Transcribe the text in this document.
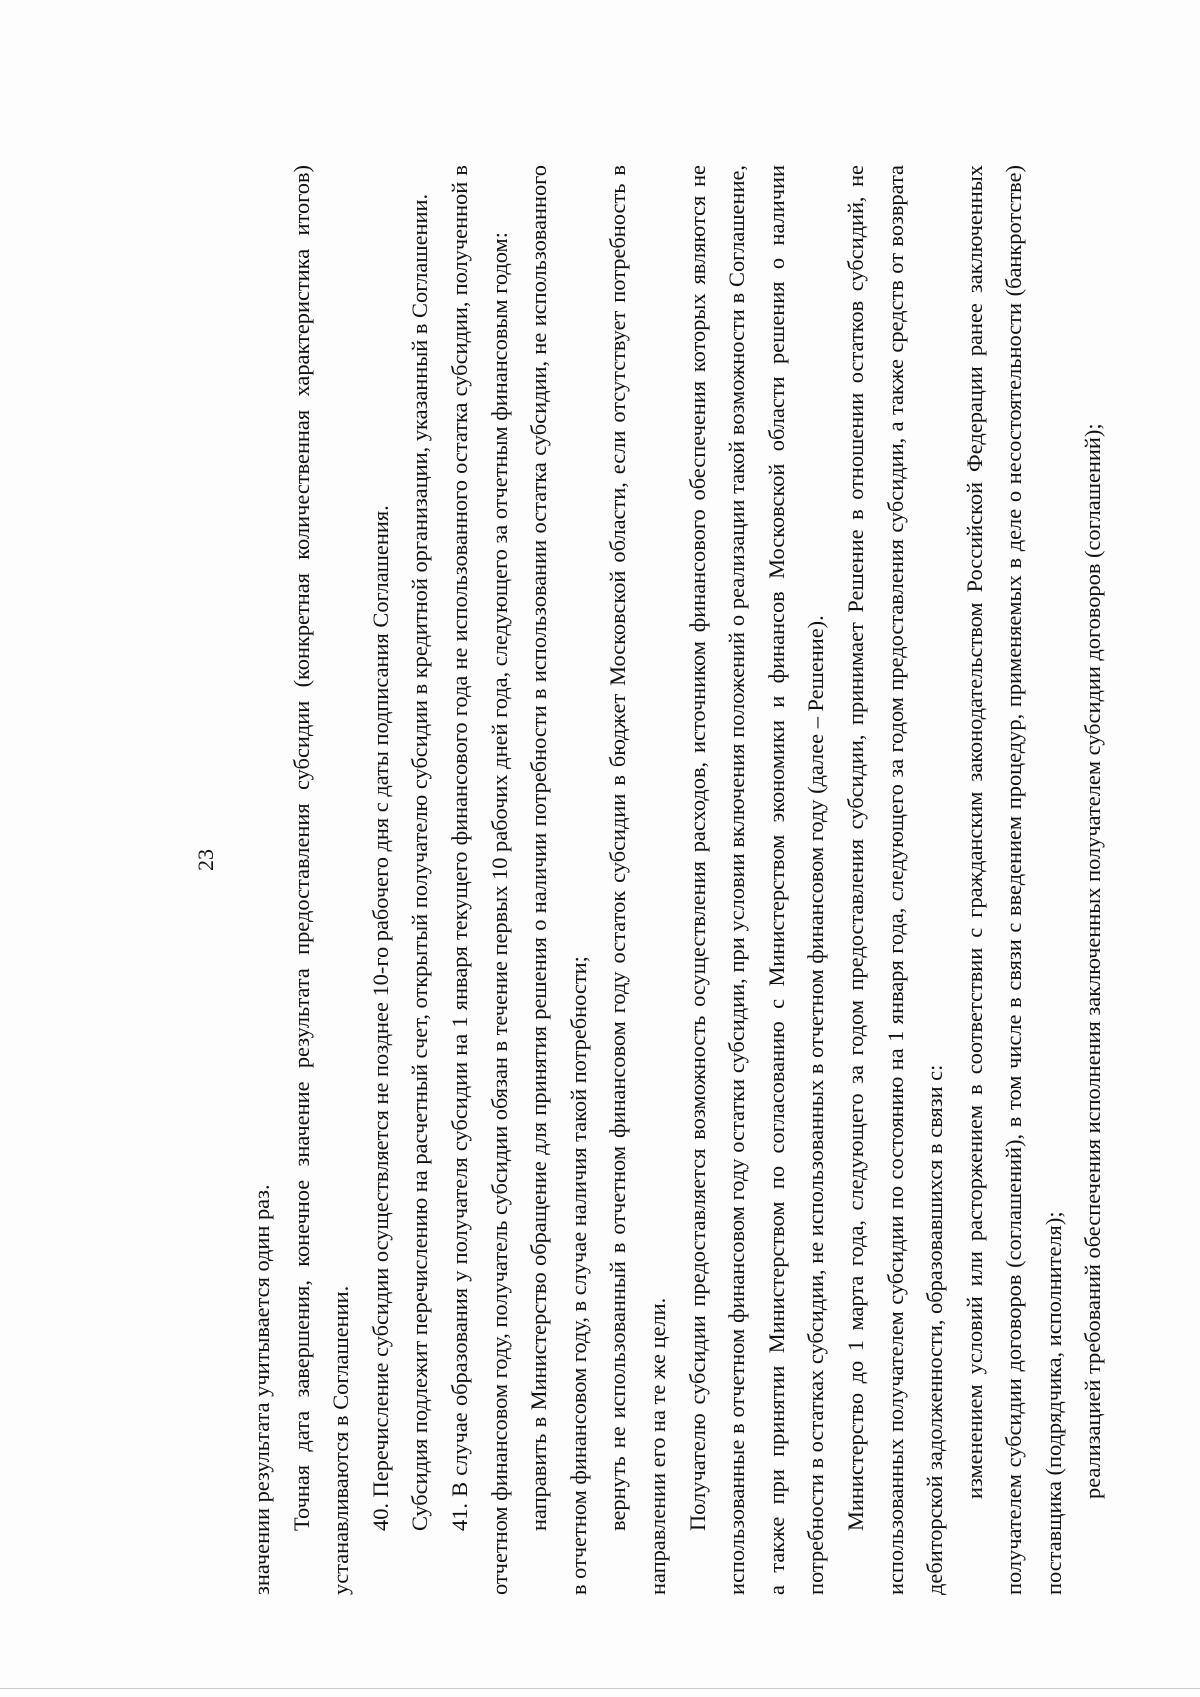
23

значении результата учитывается один раз. Точная дата завершения, конечное значение результата предоставления субсидии (конкретная количественная характеристика итогов) устанавливаются в Соглашении. 40. Перечисление субсидии осуществляется не позднее 10-го рабочего дня с даты подписания Соглашения. Субсидия подлежит перечислению на расчетный счет, открытый получателю субсидии в кредитной организации, указанный в Соглашении. 41. В случае образования у получателя субсидии на 1 января текущего финансового года не использованного остатка субсидии, полученной в отчетном финансовом году, получатель субсидии обязан в течение первых 10 рабочих дней года, следующего за отчетным финансовым годом: направить в Министерство обращение для принятия решения о наличии потребности в использовании остатка субсидии, не использованного в отчетном финансовом году, в случае наличия такой потребности; вернуть не использованный в отчетном финансовом году остаток субсидии в бюджет Московской области, если отсутствует потребность в направлении его на те же цели. Получателю субсидии предоставляется возможность осуществления расходов, источником финансового обеспечения которых являются не использованные в отчетном финансовом году остатки субсидии, при условии включения положений о реализации такой возможности в Соглашение, а также при принятии Министерством по согласованию с Министерством экономики и финансов Московской области решения о наличии потребности в остатках субсидии, не использованных в отчетном финансовом году (далее – Решение). Министерство до 1 марта года, следующего за годом предоставления субсидии, принимает Решение в отношении остатков субсидий, не использованных получателем субсидии по состоянию на 1 января года, следующего за годом предоставления субсидии, а также средств от возврата дебиторской задолженности, образовавшихся в связи с: изменением условий или расторжением в соответствии с гражданским законодательством Российской Федерации ранее заключенных получателем субсидии договоров (соглашений), в том числе в связи с введением процедур, применяемых в деле о несостоятельности (банкротстве) поставщика (подрядчика, исполнителя); реализацией требований обеспечения исполнения заключенных получателем субсидии договоров (соглашений);
